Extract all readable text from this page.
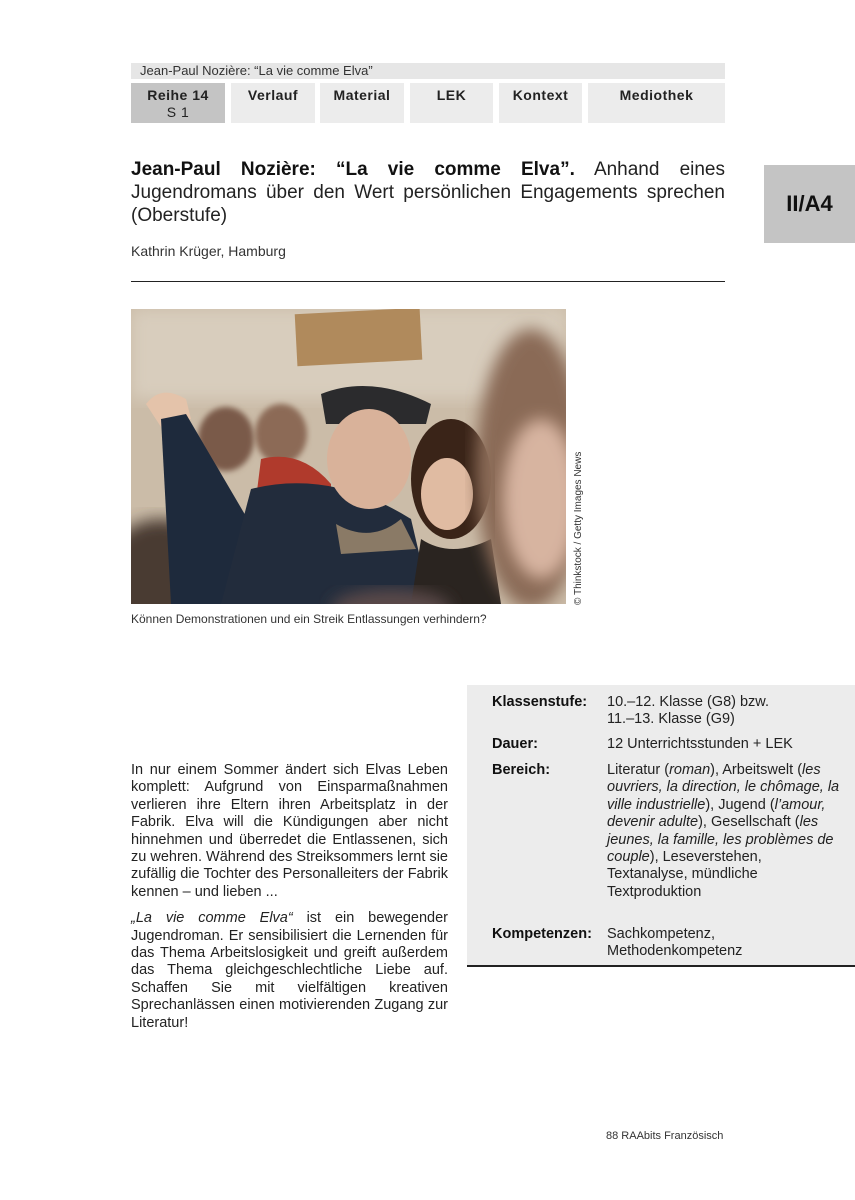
Jean-Paul Nozière: “La vie comme Elva”
Reihe 14
S 1
Verlauf	Material	LEK	Kontext	Mediothek
II/A4
Jean-Paul Nozière: “La vie comme Elva”. Anhand eines Jugendromans über den Wert persönlichen Engagements sprechen (Oberstufe)
Kathrin Krüger, Hamburg
© Thinkstock / Getty Images News
Können Demonstrationen und ein Streik Entlassungen verhindern?

In nur einem Sommer ändert sich Elvas Leben komplett: Aufgrund von Einsparmaßnahmen verlieren ihre Eltern ihren Arbeitsplatz in der Fabrik. Elva will die Kündigungen aber nicht hinnehmen und überredet die Entlassenen, sich zu wehren. Während des Streiksommers lernt sie zufällig die Tochter des Personalleiters der Fabrik kennen – und lieben ...

„La vie comme Elva“ ist ein bewegender Jugendroman. Er sensibilisiert die Lernenden für das Thema Arbeitslosigkeit und greift außerdem das Thema gleichgeschlechtliche Liebe auf. Schaffen Sie mit vielfältigen kreativen Sprechanlässen einen motivierenden Zugang zur Literatur!

Klassenstufe: 10.–12. Klasse (G8) bzw.
11.–13. Klasse (G9)
Dauer:	12 Unterrichtsstunden + LEK
Bereich:	Literatur (roman), Arbeitswelt (les ouvriers, la direction, le chômage, la ville industrielle), Jugend (l’amour, devenir adulte), Gesellschaft (les jeunes, la famille, les problèmes de couple), Leseverstehen, Textanalyse, mündliche Textproduktion
Kompetenzen: Sachkompetenz, Methodenkompetenz
88 RAAbits Französisch
